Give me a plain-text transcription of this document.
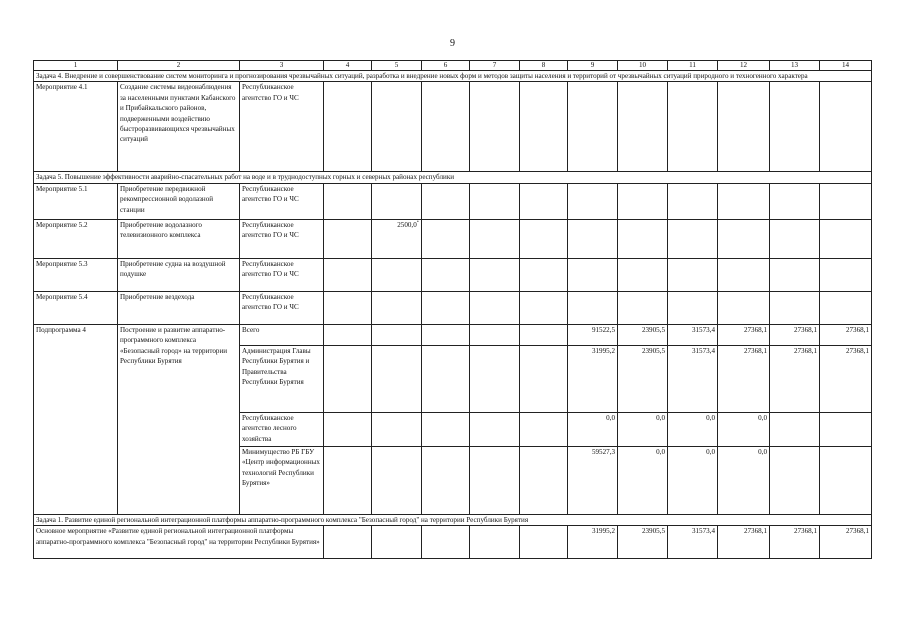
9
1	2	3	4	5	6	7	8	9	10	11	12	13	14
Задача 4. Внедрение и совершенствование систем мониторинга и прогнозирования чрезвычайных ситуаций, разработка и внедрение новых форм и методов защиты населения и территорий от чрезвычайных ситуаций природного и техногенного характера													
Мероприятие 4.1	Создание системы видеонаблюдения за населенными пунктами Кабанского и Прибайкальского районов, подверженными воздействию быстроразвивающихся чрезвычайных ситуаций	Республиканское агентство ГО и ЧС											
Задача 5. Повышение эффективности аварийно-спасательных работ на воде и в труднодоступных горных и северных районах республики													
Мероприятие 5.1	Приобретение передвижной рекомпрессионной водолазной станции	Республиканское агентство ГО и ЧС											
Мероприятие 5.2	Приобретение водолазного телевизионного комплекса	Республиканское агентство ГО и ЧС		2500,0*									
Мероприятие 5.3	Приобретение судна на воздушной подушке	Республиканское агентство ГО и ЧС											
Мероприятие 5.4	Приобретение вездехода	Республиканское агентство ГО и ЧС											
Подпрограмма 4	Построение и развитие аппаратно-программного комплекса «Безопасный город» на территории Республики Бурятия	Всего						91522,5	23905,5	31573,4	27368,1	27368,1	27368,1
		Администрация Главы Республики Бурятия и Правительства Республики Бурятия						31995,2	23905,5	31573,4	27368,1	27368,1	27368,1
		Республиканское агентство лесного хозяйства						0,0	0,0	0,0	0,0		
		Минимущество РБ ГБУ «Центр информационных технологий Республики Бурятия»						59527,3	0,0	0,0	0,0		
Задача 1. Развитие единой региональной интеграционной платформы аппаратно-программного комплекса "Безопасный город" на территории Республики Бурятия													
Основное мероприятие «Развитие единой региональной интеграционной платформы аппаратно-программного комплекса "Безопасный город" на территории Республики Бурятия»								31995,2	23905,5	31573,4	27368,1	27368,1	27368,1
